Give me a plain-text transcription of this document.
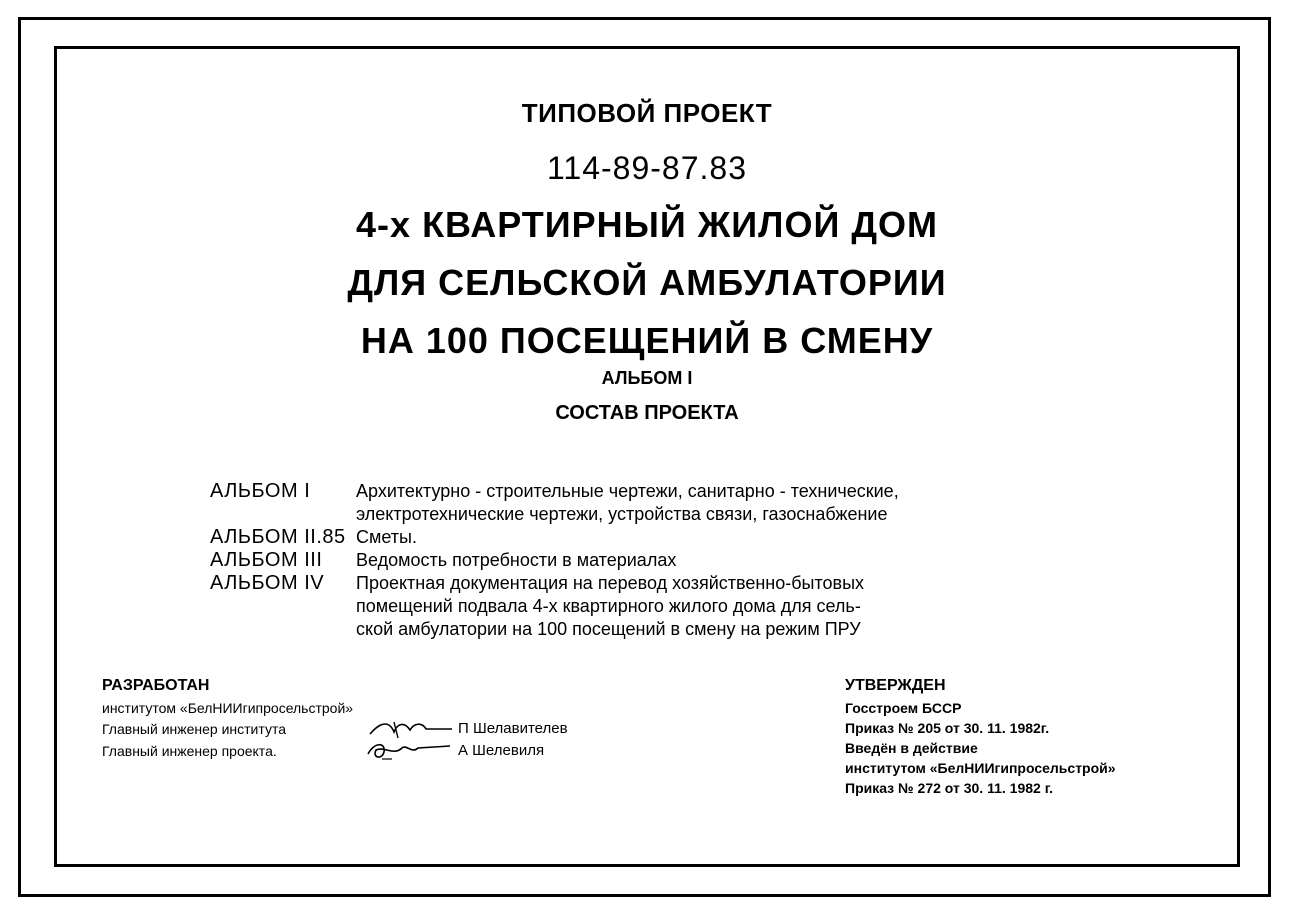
ТИПОВОЙ ПРОЕКТ
114-89-87.83
4-х КВАРТИРНЫЙ ЖИЛОЙ ДОМ
ДЛЯ СЕЛЬСКОЙ АМБУЛАТОРИИ
НА 100 ПОСЕЩЕНИЙ В СМЕНУ
АЛЬБОМ I
СОСТАВ ПРОЕКТА
АЛЬБОМ I	Архитектурно - строительные чертежи, санитарно - технические,
электротехнические чертежи, устройства связи, газоснабжение
АЛЬБОМ II.85 Сметы.
АЛЬБОМ III	Ведомость потребности в материалах
АЛЬБОМ IV	Проектная документация на перевод хозяйственно-бытовых
помещений подвала 4-х квартирного жилого дома для сель-
ской амбулатории на 100 посещений в смену на режим ПРУ
РАЗРАБОТАН
институтом «БелНИИгипросельстрой»
Главный инженер института	П Шелавителев
Главный инженер проекта.	А Шелевиля
УТВЕРЖДЕН
Госстроем БССР
Приказ № 205 от 30. 11. 1982г.
Введён в действие
институтом «БелНИИгипросельстрой»
Приказ № 272 от 30. 11. 1982 г.
